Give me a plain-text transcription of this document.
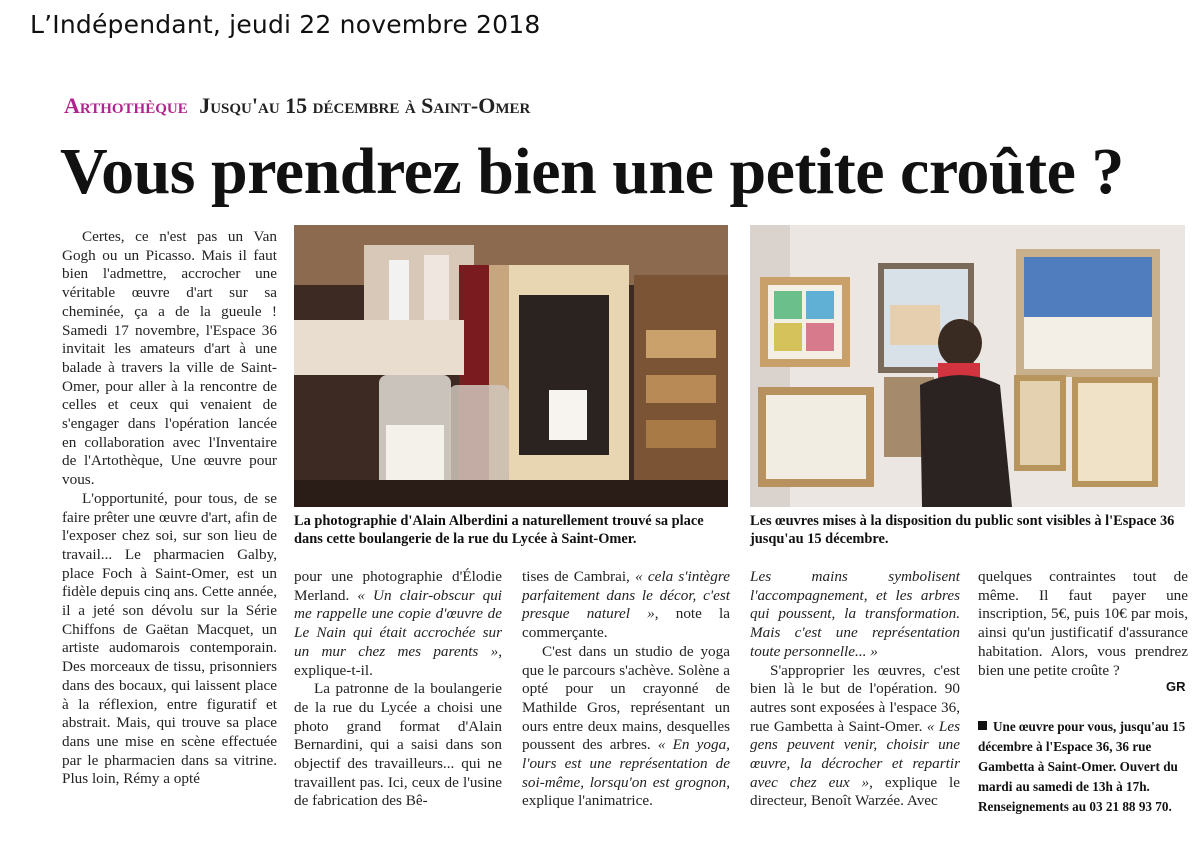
L’Indépendant, jeudi 22 novembre 2018
Arthothèque Jusqu'au 15 décembre à Saint-Omer
Vous prendrez bien une petite croûte ?

Certes, ce n'est pas un Van Gogh ou un Picasso. Mais il faut bien l'admettre, accrocher une véritable œuvre d'art sur sa cheminée, ça a de la gueule ! Samedi 17 novembre, l'Espace 36 invitait les amateurs d'art à une balade à travers la ville de Saint-Omer, pour aller à la rencontre de celles et ceux qui venaient de s'engager dans l'opération lancée en collaboration avec l'Inventaire de l'Artothèque, Une œuvre pour vous.

L'opportunité, pour tous, de se faire prêter une œuvre d'art, afin de l'exposer chez soi, sur son lieu de travail... Le pharmacien Galby, place Foch à Saint-Omer, est un fidèle depuis cinq ans. Cette année, il a jeté son dévolu sur la Série Chiffons de Gaëtan Macquet, un artiste audomarois contemporain. Des morceaux de tissu, prisonniers dans des bocaux, qui laissent place à la réflexion, entre figuratif et abstrait. Mais, qui trouve sa place dans une mise en scène effectuée par le pharmacien dans sa vitrine. Plus loin, Rémy a opté

La photographie d'Alain Alberdini a naturellement trouvé sa place dans cette boulangerie de la rue du Lycée à Saint-Omer.
Les œuvres mises à la disposition du public sont visibles à l'Espace 36 jusqu'au 15 décembre.

pour une photographie d'Élodie Merland. « Un clair-obscur qui me rappelle une copie d'œuvre de Le Nain qui était accrochée sur un mur chez mes parents », explique-t-il.

La patronne de la boulangerie de la rue du Lycée a choisi une photo grand format d'Alain Bernardini, qui a saisi dans son objectif des travailleurs... qui ne travaillent pas. Ici, ceux de l'usine de fabrication des Bê-

tises de Cambrai, « cela s'intègre parfaitement dans le décor, c'est presque naturel », note la commerçante.

C'est dans un studio de yoga que le parcours s'achève. Solène a opté pour un crayonné de Mathilde Gros, représentant un ours entre deux mains, desquelles poussent des arbres. « En yoga, l'ours est une représentation de soi-même, lorsqu'on est grognon, explique l'animatrice.

Les mains symbolisent l'accompagnement, et les arbres qui poussent, la transformation. Mais c'est une représentation toute personnelle... »

S'approprier les œuvres, c'est bien là le but de l'opération. 90 autres sont exposées à l'espace 36, rue Gambetta à Saint-Omer. « Les gens peuvent venir, choisir une œuvre, la décrocher et repartir avec chez eux », explique le directeur, Benoît Warzée. Avec

quelques contraintes tout de même. Il faut payer une inscription, 5€, puis 10€ par mois, ainsi qu'un justificatif d'assurance habitation. Alors, vous prendrez bien une petite croûte ?

GR
Une œuvre pour vous, jusqu'au 15 décembre à l'Espace 36, 36 rue Gambetta à Saint-Omer. Ouvert du mardi au samedi de 13h à 17h. Renseignements au 03 21 88 93 70.
